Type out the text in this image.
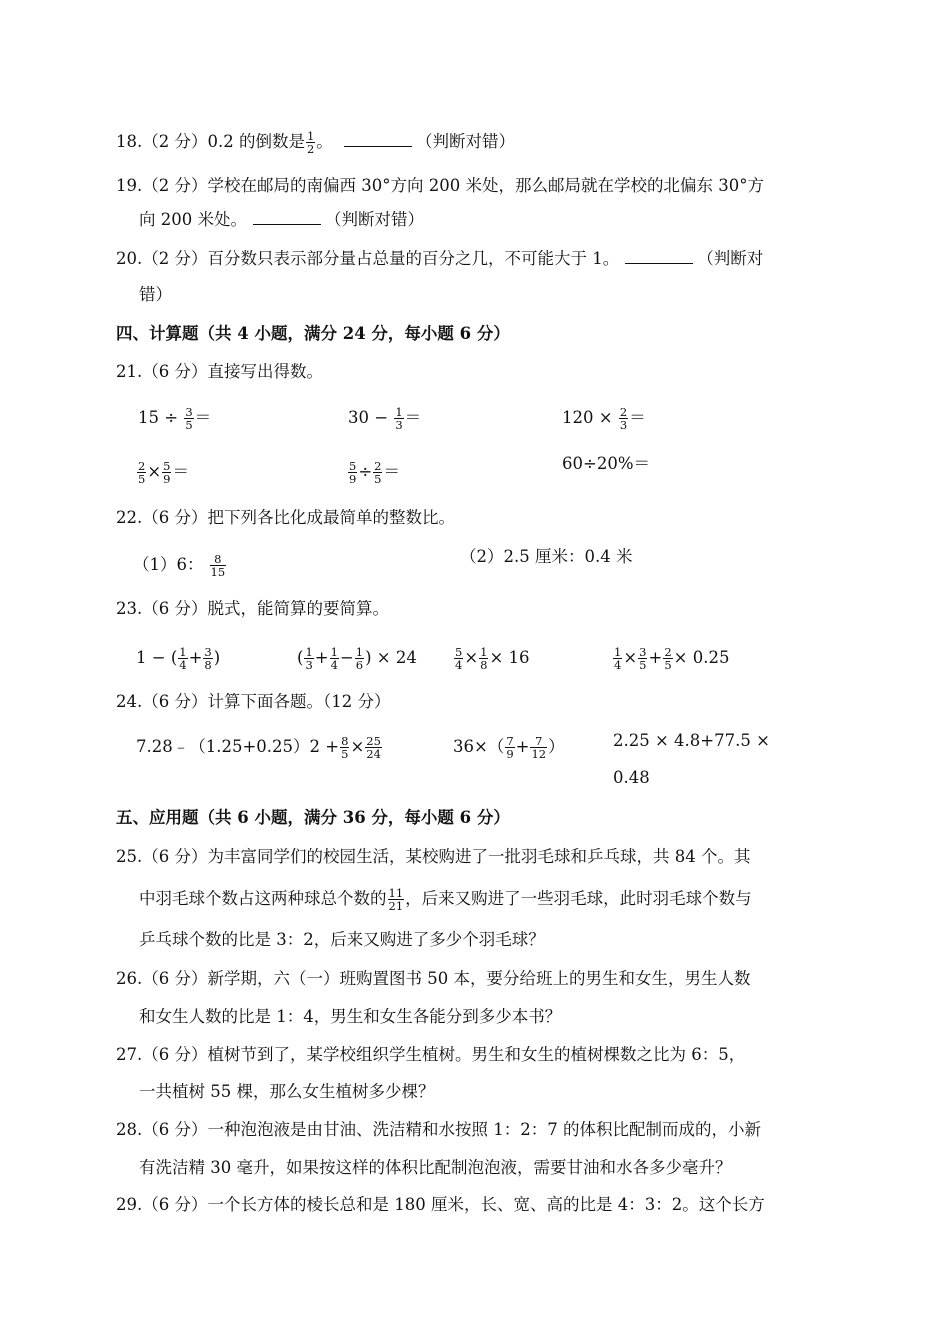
18.（2 分）0.2 的倒数是 $\frac{1}{2}$ 。	（判断对错）
19.（2 分）学校在邮局的南偏西 30°方向 200 米处，那么邮局就在学校的北偏东 30°方
向 200 米处。	（判断对错）
20.（2 分）百分数只表示部分量占总量的百分之几，不可能大于 1。	（判断对
错）
四、计算题（共 4 小题，满分 24 分，每小题 6 分）
21.（6 分）直接写出得数。
$15 \div \frac{3}{5}$ ＝	$30 - \frac{1}{3}$ ＝	$120 \times \frac{2}{3}$ ＝
$\frac{2}{5} \times \frac{5}{9}$ ＝	$\frac{5}{9} \div \frac{2}{5}$ ＝	60÷20%＝
22.（6 分）把下列各比化成最简单的整数比。
（1）6： $\frac{8}{15}$	（2）2.5 厘米：0.4 米
23.（6 分）脱式，能简算的要简算。
1 − ( $\frac{1}{4} + \frac{3}{8}$ )	( $\frac{1}{3} + \frac{1}{4} - \frac{1}{6}$ ) × 24	$\frac{5}{4} \times \frac{1}{8} \times 16$	$\frac{1}{4} \times \frac{3}{5} + \frac{2}{5} \times 0.25$
24.（6 分）计算下面各题。（12 分）
7.28﹣（1.25+0.25）2 + $\frac{8}{5} \times \frac{25}{24}$	$36\times( \frac{7}{9} + \frac{7}{12}$ ）	2.25 × 4.8+77.5 ×
0.48
五、应用题（共 6 小题，满分 36 分，每小题 6 分）
25.（6 分）为丰富同学们的校园生活，某校购进了一批羽毛球和乒乓球，共 84 个。其
中羽毛球个数占这两种球总个数的 $\frac{11}{21}$ ，后来又购进了一些羽毛球，此时羽毛球个数与
乒乓球个数的比是 3：2，后来又购进了多少个羽毛球？
26.（6 分）新学期，六（一）班购置图书 50 本，要分给班上的男生和女生，男生人数
和女生人数的比是 1：4，男生和女生各能分到多少本书？
27.（6 分）植树节到了，某学校组织学生植树。男生和女生的植树棵数之比为 6：5，
一共植树 55 棵，那么女生植树多少棵？
28.（6 分）一种泡泡液是由甘油、洗洁精和水按照 1：2：7 的体积比配制而成的，小新
有洗洁精 30 毫升，如果按这样的体积比配制泡泡液，需要甘油和水各多少毫升？
29.（6 分）一个长方体的棱长总和是 180 厘米，长、宽、高的比是 4：3：2。这个长方
